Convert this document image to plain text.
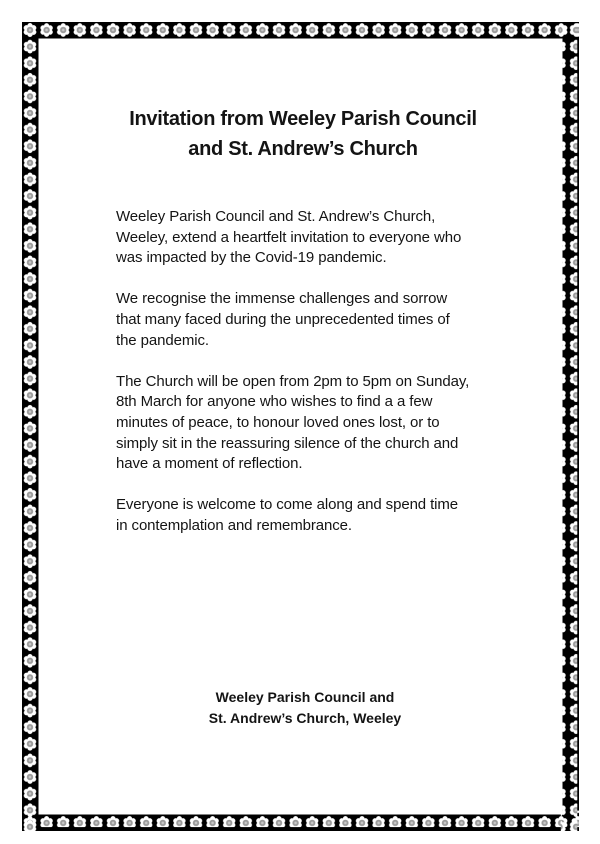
Invitation from Weeley Parish Council
and St. Andrew’s Church

Weeley Parish Council and St. Andrew’s Church,
Weeley, extend a heartfelt invitation to everyone who
was impacted by the Covid-19 pandemic.

We recognise the immense challenges and sorrow
that many faced during the unprecedented times of
the pandemic.

The Church will be open from 2pm to 5pm on Sunday,
8th March for anyone who wishes to find a a few
minutes of peace, to honour loved ones lost, or to
simply sit in the reassuring silence of the church and
have a moment of reflection.

Everyone is welcome to come along and spend time
in contemplation and remembrance.

Weeley Parish Council and
St. Andrew’s Church, Weeley
